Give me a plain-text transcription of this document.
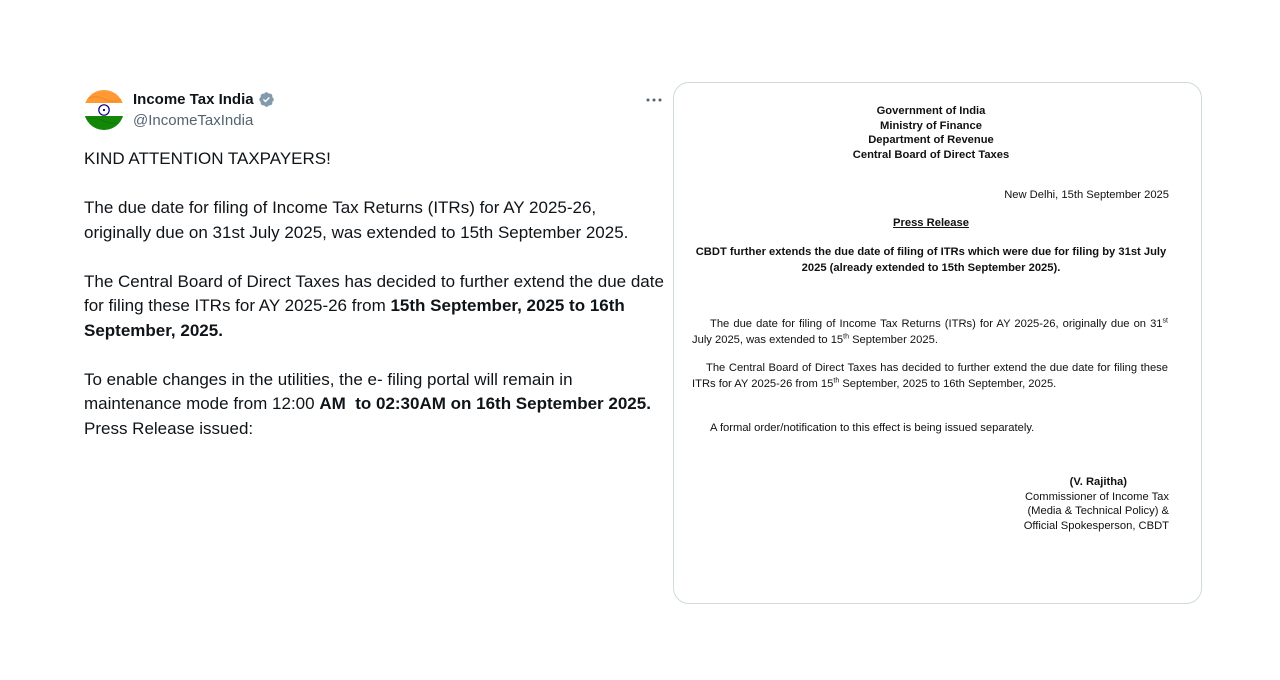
Income Tax India
@IncomeTaxIndia

KIND ATTENTION TAXPAYERS!

The due date for filing of Income Tax Returns (ITRs) for AY 2025-26, originally due on 31st July 2025, was extended to 15th September 2025.

The Central Board of Direct Taxes has decided to further extend the due date for filing these ITRs for AY 2025-26 from 15th September, 2025 to 16th September, 2025.

To enable changes in the utilities, the e- filing portal will remain in maintenance mode from 12:00 AM to 02:30AM on 16th September 2025.

Press Release issued:

Government of India
Ministry of Finance
Department of Revenue
Central Board of Direct Taxes
New Delhi, 15th September 2025
Press Release
CBDT further extends the due date of filing of ITRs which were due for filing by 31st July 2025 (already extended to 15th September 2025).
The due date for filing of Income Tax Returns (ITRs) for AY 2025-26, originally due on 31st July 2025, was extended to 15th September 2025.
The Central Board of Direct Taxes has decided to further extend the due date for filing these ITRs for AY 2025-26 from 15th September, 2025 to 16th September, 2025.
A formal order/notification to this effect is being issued separately.
(V. Rajitha)
Commissioner of Income Tax
(Media & Technical Policy) &
Official Spokesperson, CBDT
